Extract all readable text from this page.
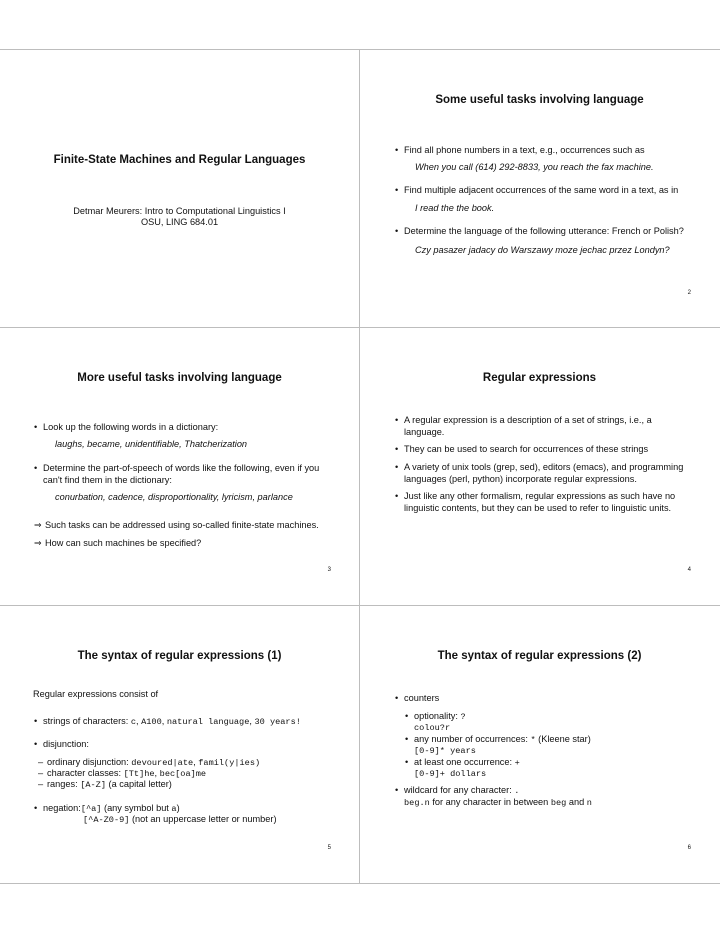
Finite-State Machines and Regular Languages
Detmar Meurers: Intro to Computational Linguistics I
OSU, LING 684.01
Some useful tasks involving language
• Find all phone numbers in a text, e.g., occurrences such as
When you call (614) 292-8833, you reach the fax machine.
• Find multiple adjacent occurrences of the same word in a text, as in
I read the the book.
• Determine the language of the following utterance: French or Polish?
Czy pasazer jadacy do Warszawy moze jechac przez Londyn?
2
More useful tasks involving language
• Look up the following words in a dictionary:
laughs, became, unidentifiable, Thatcherization
• Determine the part-of-speech of words like the following, even if you
can't find them in the dictionary:
conurbation, cadence, disproportionality, lyricism, parlance
⇒ Such tasks can be addressed using so-called finite-state machines.
⇒ How can such machines be specified?
3
Regular expressions
• A regular expression is a description of a set of strings, i.e., a
language.
• They can be used to search for occurrences of these strings
• A variety of unix tools (grep, sed), editors (emacs), and programming
languages (perl, python) incorporate regular expressions.
• Just like any other formalism, regular expressions as such have no
linguistic contents, but they can be used to refer to linguistic units.
4
The syntax of regular expressions (1)
Regular expressions consist of
• strings of characters: c, A100, natural language, 30 years!
• disjunction:
– ordinary disjunction: devoured|ate, famil(y|ies)
– character classes: [Tt]he, bec[oa]me
– ranges: [A-Z] (a capital letter)
• negation:[^a] (any symbol but a)
[^A-Z0-9] (not an uppercase letter or number)
5
The syntax of regular expressions (2)
• counters
• optionality: ?
colou?r
• any number of occurrences: * (Kleene star)
[0-9]* years
• at least one occurrence: +
[0-9]+ dollars
• wildcard for any character: .
beg.n for any character in between beg and n
6
